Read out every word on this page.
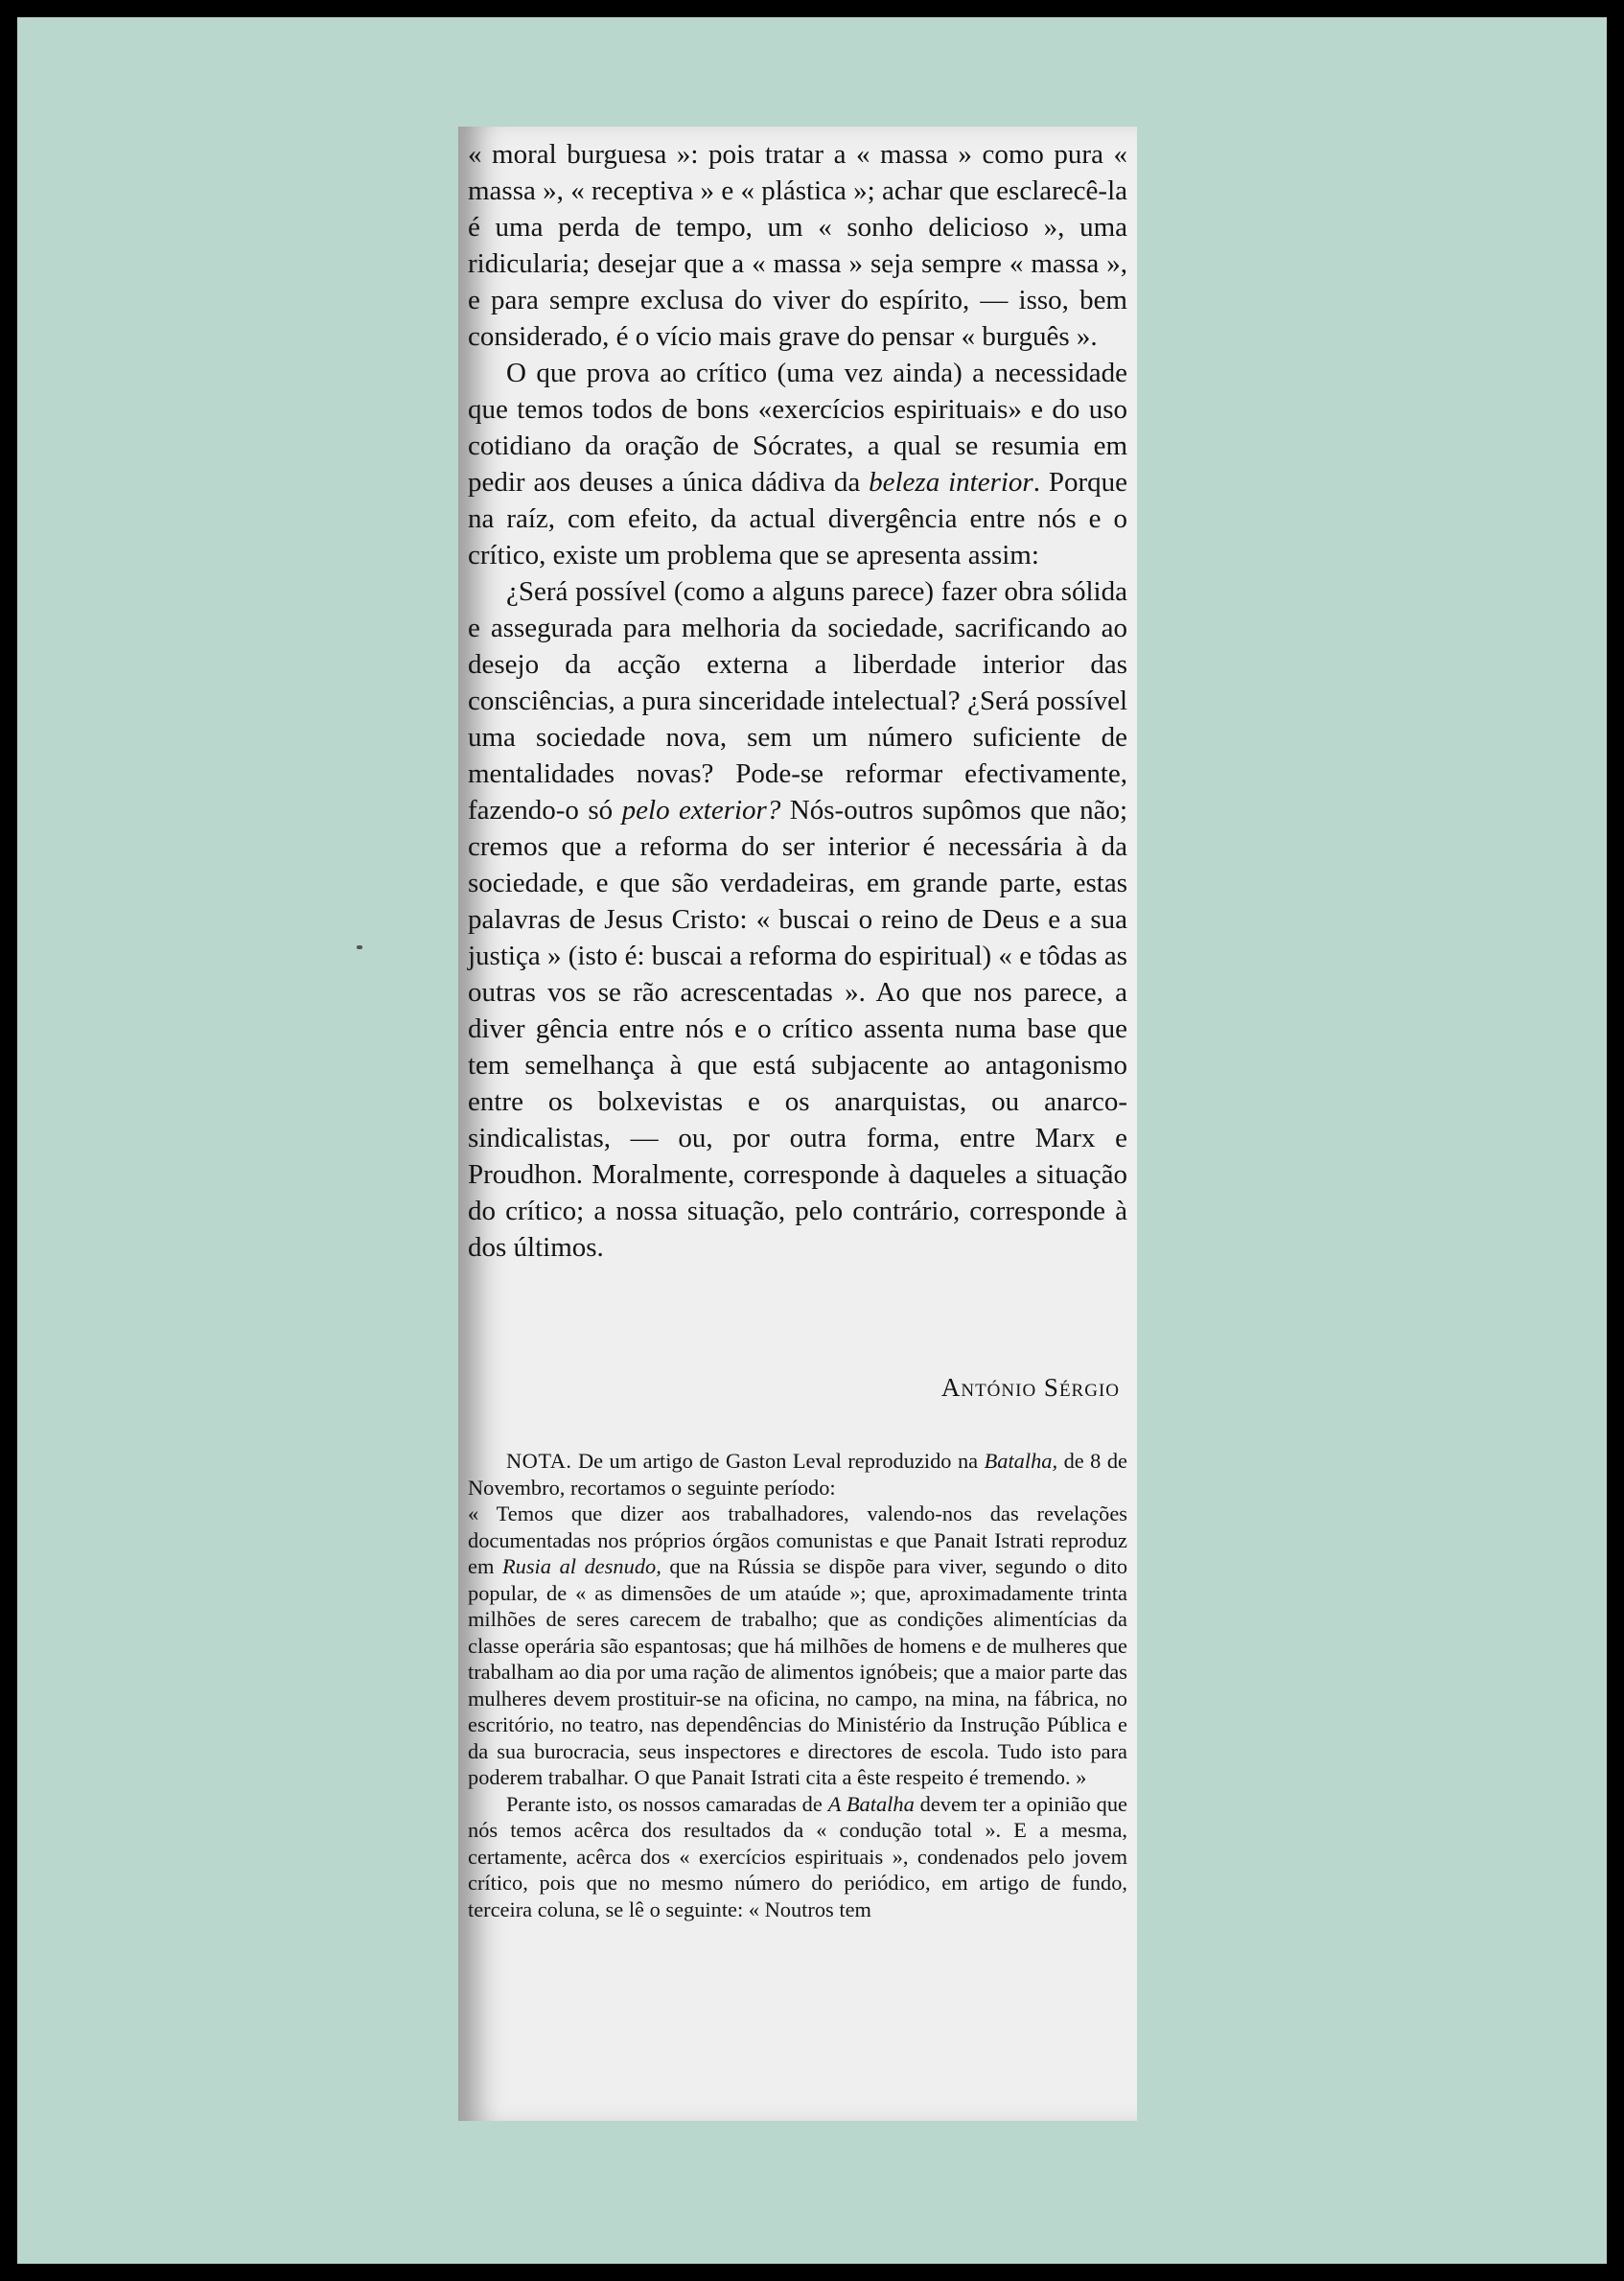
« moral burguesa »: pois tratar a « massa » como pura « massa », « receptiva » e « plástica »; achar que esclarecê-la é uma perda de tempo, um « sonho delicioso », uma ridicularia; desejar que a « massa » seja sempre « massa », e para sempre exclusa do viver do espírito, — isso, bem considerado, é o vício mais grave do pensar « burguês ».

O que prova ao crítico (uma vez ainda) a necessidade que temos todos de bons «exercícios espirituais» e do uso cotidiano da oração de Sócrates, a qual se resumia em pedir aos deuses a única dádiva da beleza interior. Porque na raíz, com efeito, da actual divergência entre nós e o crítico, existe um problema que se apresenta assim:

¿Será possível (como a alguns parece) fazer obra sólida e assegurada para melhoria da sociedade, sacrificando ao desejo da acção externa a liberdade interior das consciências, a pura sinceridade intelectual? ¿Será possível uma sociedade nova, sem um número suficiente de mentalidades novas? Pode-se reformar efectivamente, fazendo-o só pelo exterior? Nós-outros supômos que não; cremos que a reforma do ser interior é necessária à da sociedade, e que são verdadeiras, em grande parte, estas palavras de Jesus Cristo: « buscai o reino de Deus e a sua justiça » (isto é: buscai a reforma do espiritual) « e tôdas as outras vos se rão acrescentadas ». Ao que nos parece, a diver gência entre nós e o crítico assenta numa base que tem semelhança à que está subjacente ao antagonismo entre os bolxevistas e os anarquistas, ou anarco-sindicalistas, — ou, por outra forma, entre Marx e Proudhon. Moralmente, corresponde à daqueles a situação do crítico; a nossa situação, pelo contrário, corresponde à dos últimos.

António Sérgio

NOTA. De um artigo de Gaston Leval reproduzido na Batalha, de 8 de Novembro, recortamos o seguinte período:

« Temos que dizer aos trabalhadores, valendo-nos das revelações documentadas nos próprios órgãos comunistas e que Panait Istrati reproduz em Rusia al desnudo, que na Rússia se dispõe para viver, segundo o dito popular, de « as dimensões de um ataúde »; que, aproximadamente trinta milhões de seres carecem de trabalho; que as condições alimentícias da classe operária são espantosas; que há milhões de homens e de mulheres que trabalham ao dia por uma ração de alimentos ignóbeis; que a maior parte das mulheres devem prostituir-se na oficina, no campo, na mina, na fábrica, no escritório, no teatro, nas dependências do Ministério da Instrução Pública e da sua burocracia, seus inspectores e directores de escola. Tudo isto para poderem trabalhar. O que Panait Istrati cita a êste respeito é tremendo. »

Perante isto, os nossos camaradas de A Batalha devem ter a opinião que nós temos acêrca dos resultados da « condução total ». E a mesma, certamente, acêrca dos « exercícios espirituais », condenados pelo jovem crítico, pois que no mesmo número do periódico, em artigo de fundo, terceira coluna, se lê o seguinte: « Noutros tem
